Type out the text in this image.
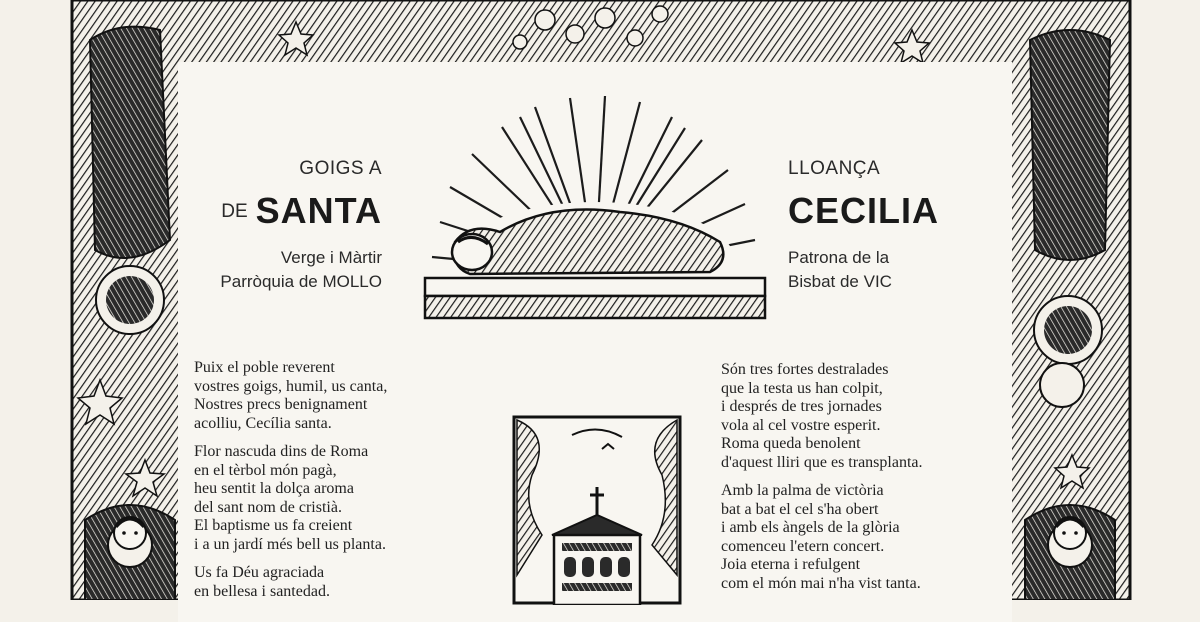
GOIGS A
DE SANTA
Verge i Màrtir
Parròquia de MOLLO
LLOANÇA
CECILIA
Patrona de la
Bisbat de VIC

Puix el poble reverent
vostres goigs, humil, us canta,
Nostres precs benignament
acolliu, Cecília santa.

Flor nascuda dins de Roma
en el tèrbol món pagà,
heu sentit la dolça aroma
del sant nom de cristià.
El baptisme us fa creient
i a un jardí més bell us planta.

Us fa Déu agraciada
en bellesa i santedad.

Són tres fortes destralades
que la testa us han colpit,
i després de tres jornades
vola al cel vostre esperit.
Roma queda benolent
d'aquest lliri que es transplanta.

Amb la palma de victòria
bat a bat el cel s'ha obert
i amb els àngels de la glòria
comenceu l'etern concert.
Joia eterna i refulgent
com el món mai n'ha vist tanta.
